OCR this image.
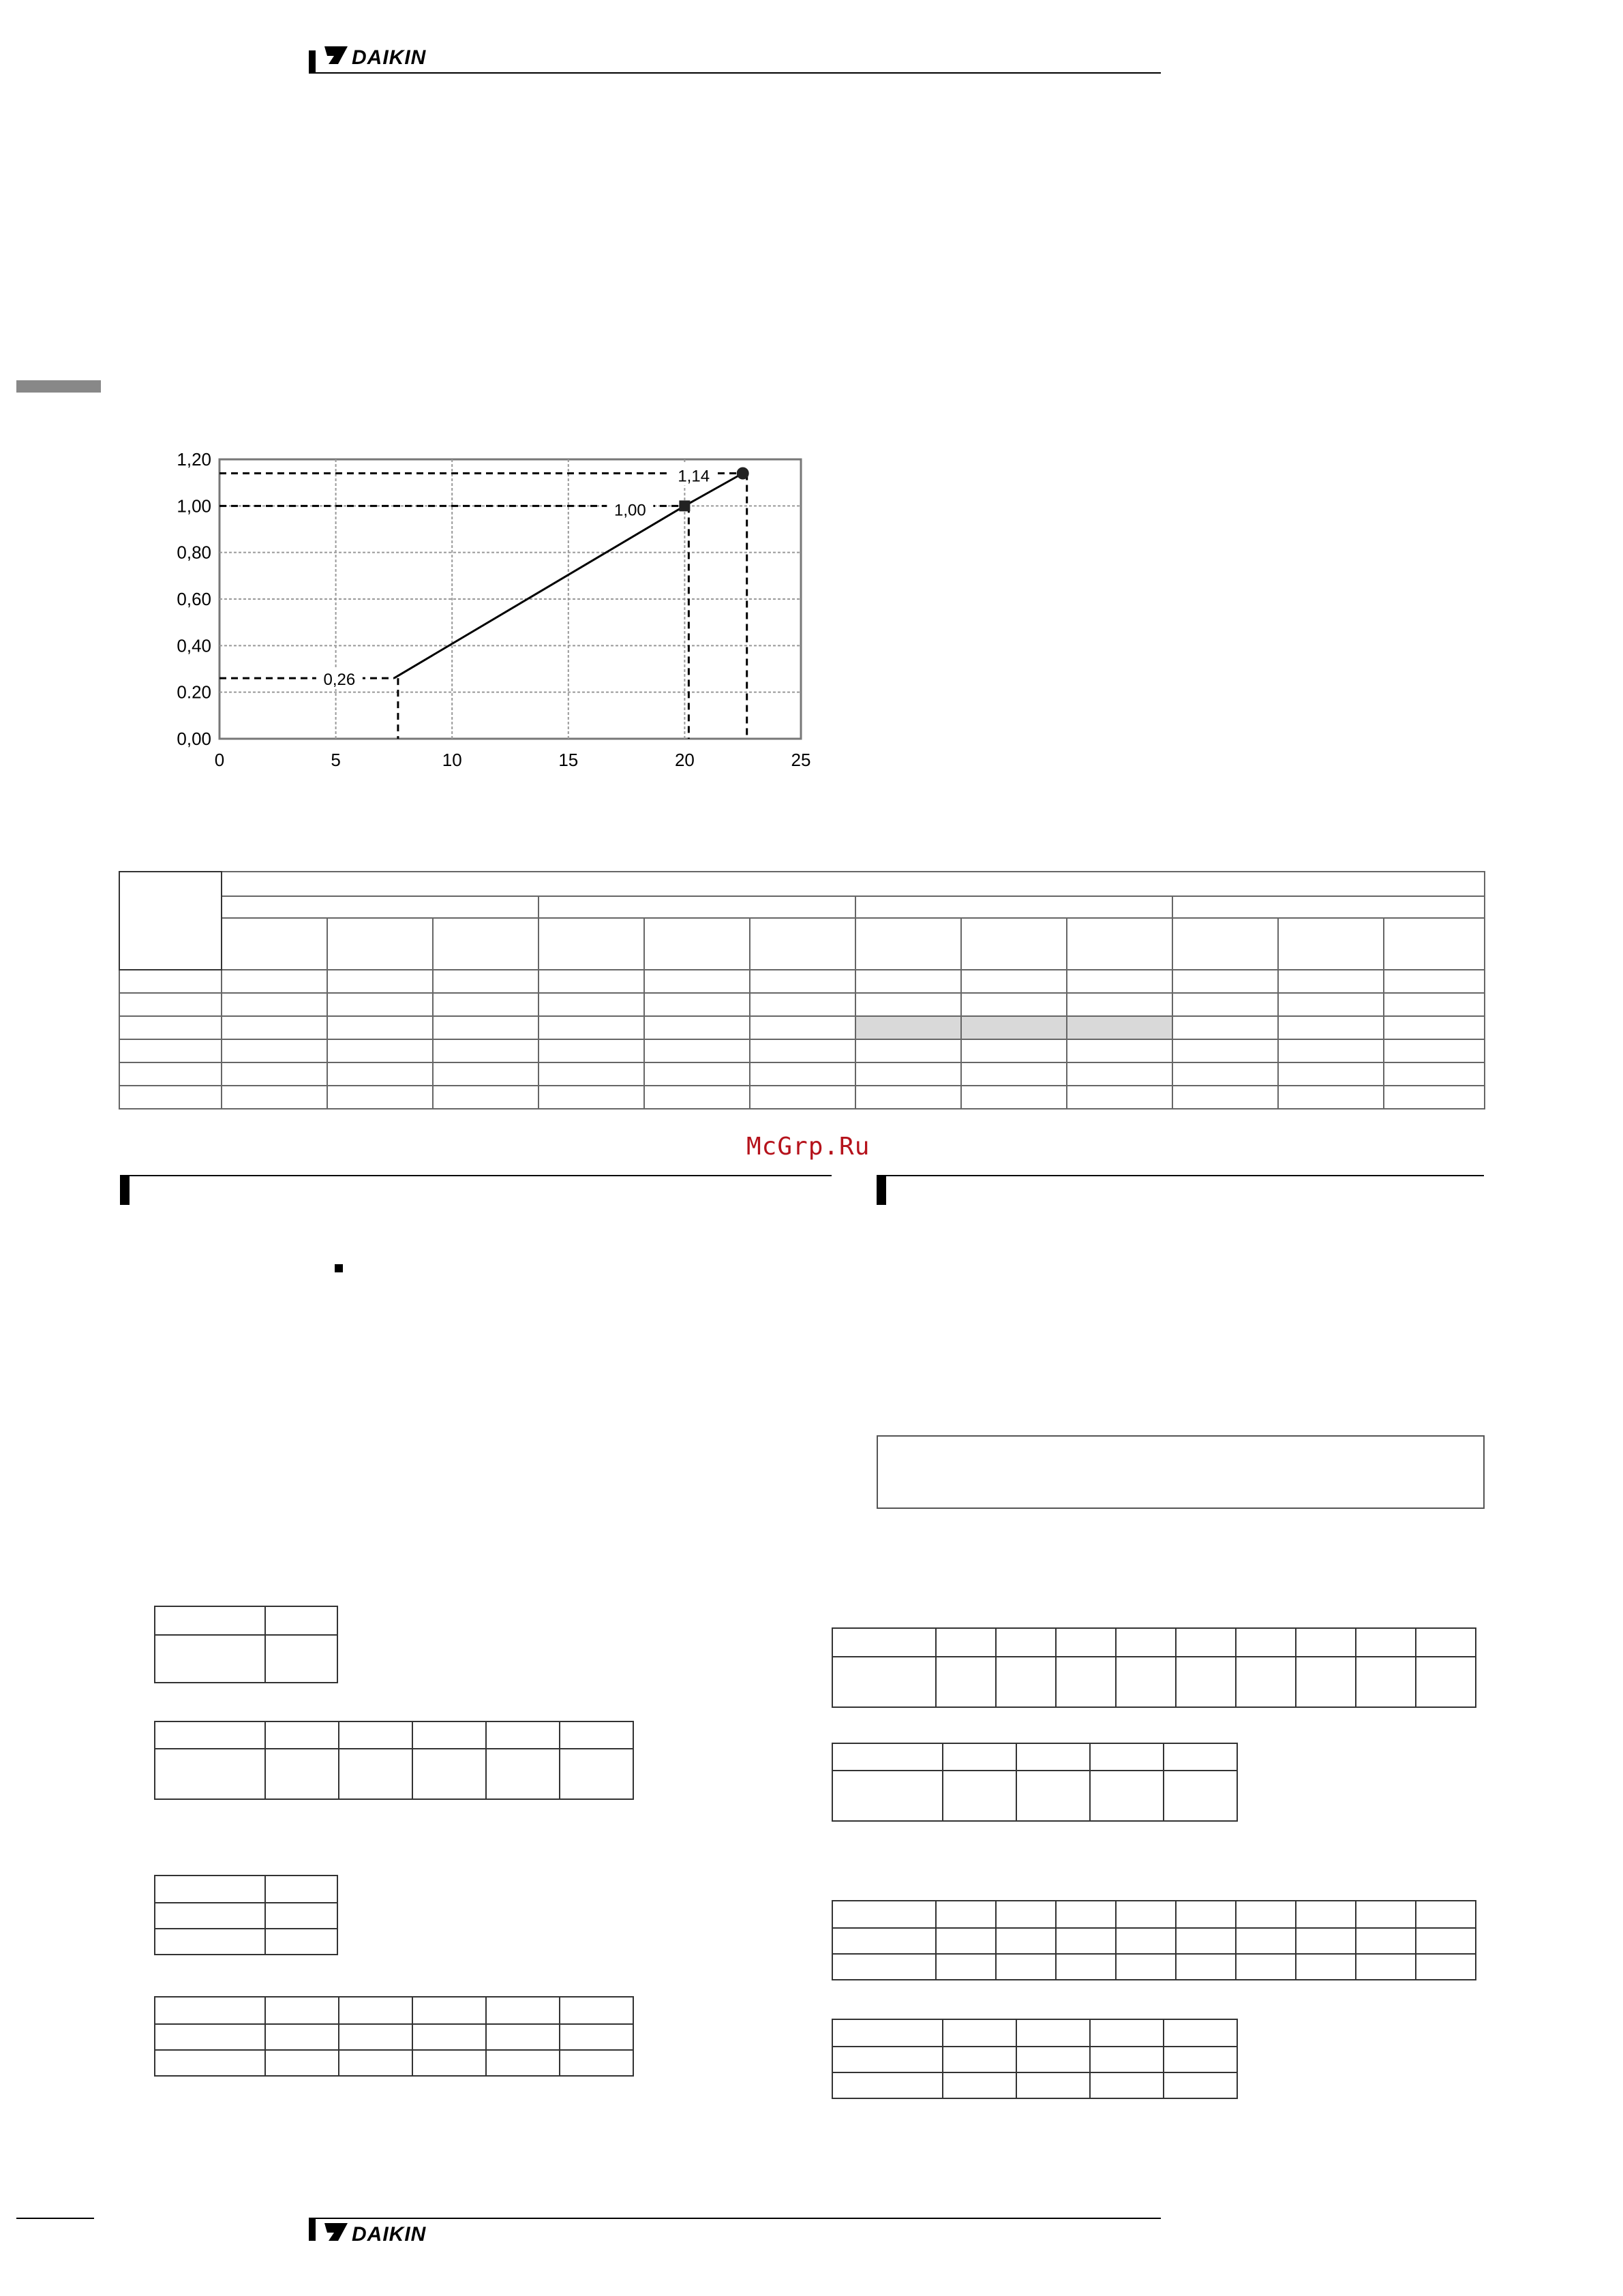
DAIKIN
0	5	10	15	20	25
0,00
0.20
0,40
0,60
0,80
1,00
1,20
0,26
1,00
1,14

McGrp.Ru

DAIKIN
